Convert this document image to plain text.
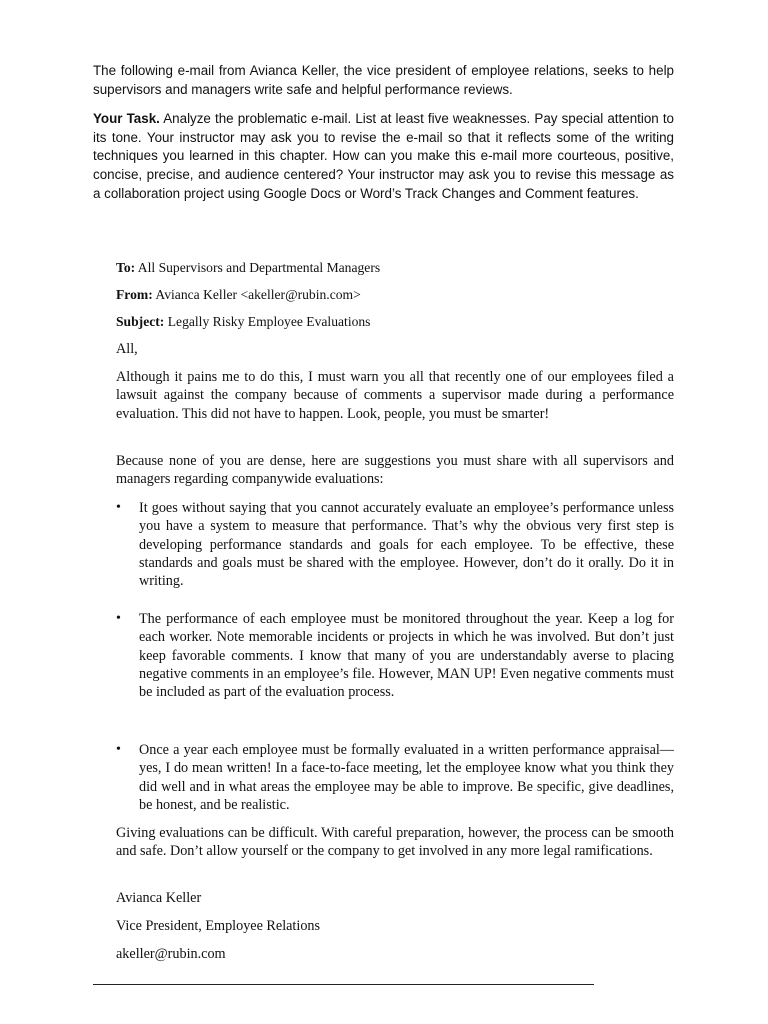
The following e-mail from Avianca Keller, the vice president of employee relations, seeks to help supervisors and managers write safe and helpful performance reviews.

Your Task. Analyze the problematic e-mail. List at least five weaknesses. Pay special attention to its tone. Your instructor may ask you to revise the e-mail so that it reflects some of the writing techniques you learned in this chapter. How can you make this e-mail more courteous, positive, concise, precise, and audience centered? Your instructor may ask you to revise this message as a collaboration project using Google Docs or Word’s Track Changes and Comment features.

To: All Supervisors and Departmental Managers

From: Avianca Keller <akeller@rubin.com>

Subject: Legally Risky Employee Evaluations

All,

Although it pains me to do this, I must warn you all that recently one of our employees filed a lawsuit against the company because of comments a supervisor made during a performance evaluation. This did not have to happen. Look, people, you must be smarter!

Because none of you are dense, here are suggestions you must share with all supervisors and managers regarding companywide evaluations:

•	It goes without saying that you cannot accurately evaluate an employee’s performance unless you have a system to measure that performance. That’s why the obvious very first step is developing performance standards and goals for each employee. To be effective, these standards and goals must be shared with the employee. However, don’t do it orally. Do it in writing.
•	The performance of each employee must be monitored throughout the year. Keep a log for each worker. Note memorable incidents or projects in which he was involved. But don’t just keep favorable comments. I know that many of you are understandably averse to placing negative comments in an employee’s file. However, MAN UP! Even negative comments must be included as part of the evaluation process.
•	Once a year each employee must be formally evaluated in a written performance appraisal—yes, I do mean written! In a face-to-face meeting, let the employee know what you think they did well and in what areas the employee may be able to improve. Be specific, give deadlines, be honest, and be realistic.

Giving evaluations can be difficult. With careful preparation, however, the process can be smooth and safe. Don’t allow yourself or the company to get involved in any more legal ramifications.

Avianca Keller

Vice President, Employee Relations

akeller@rubin.com
